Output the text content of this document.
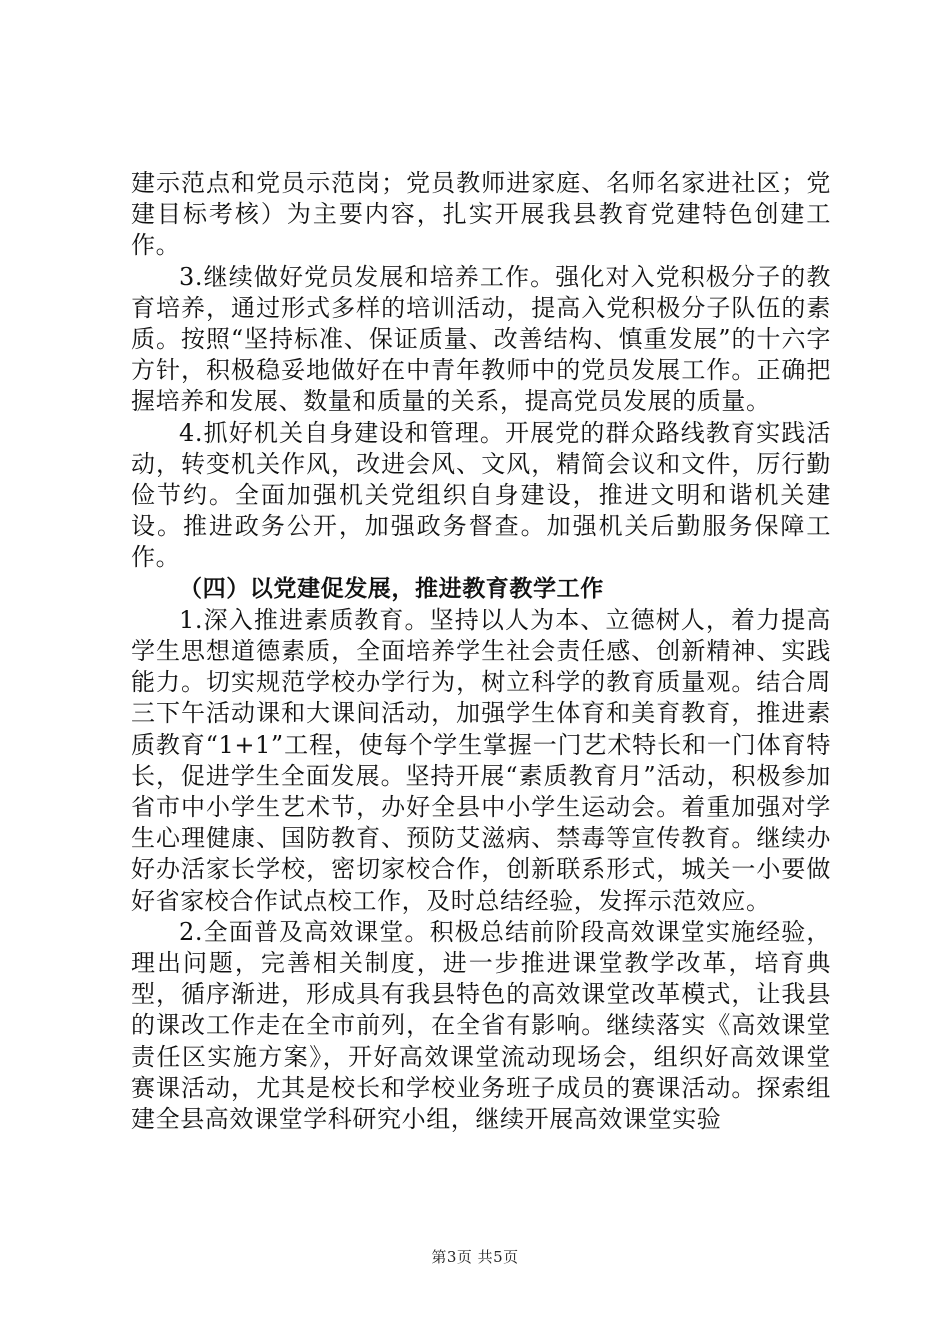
建示范点和党员示范岗；党员教师进家庭、名师名家进社区；党建目标考核）为主要内容，扎实开展我县教育党建特色创建工作。

3.继续做好党员发展和培养工作。强化对入党积极分子的教育培养，通过形式多样的培训活动，提高入党积极分子队伍的素质。按照“坚持标准、保证质量、改善结构、慎重发展”的十六字方针，积极稳妥地做好在中青年教师中的党员发展工作。正确把握培养和发展、数量和质量的关系，提高党员发展的质量。

4.抓好机关自身建设和管理。开展党的群众路线教育实践活动，转变机关作风，改进会风、文风，精简会议和文件，厉行勤俭节约。全面加强机关党组织自身建设，推进文明和谐机关建设。推进政务公开，加强政务督查。加强机关后勤服务保障工作。

（四）以党建促发展，推进教育教学工作

1.深入推进素质教育。坚持以人为本、立德树人，着力提高学生思想道德素质，全面培养学生社会责任感、创新精神、实践能力。切实规范学校办学行为，树立科学的教育质量观。结合周三下午活动课和大课间活动，加强学生体育和美育教育，推进素质教育“1+1”工程，使每个学生掌握一门艺术特长和一门体育特长，促进学生全面发展。坚持开展“素质教育月”活动，积极参加省市中小学生艺术节，办好全县中小学生运动会。着重加强对学生心理健康、国防教育、预防艾滋病、禁毒等宣传教育。继续办好办活家长学校，密切家校合作，创新联系形式，城关一小要做好省家校合作试点校工作，及时总结经验，发挥示范效应。

2.全面普及高效课堂。积极总结前阶段高效课堂实施经验，理出问题，完善相关制度，进一步推进课堂教学改革，培育典型，循序渐进，形成具有我县特色的高效课堂改革模式，让我县的课改工作走在全市前列，在全省有影响。继续落实《高效课堂责任区实施方案》，开好高效课堂流动现场会，组织好高效课堂赛课活动，尤其是校长和学校业务班子成员的赛课活动。探索组建全县高效课堂学科研究小组，继续开展高效课堂实验

第3页 共5页
